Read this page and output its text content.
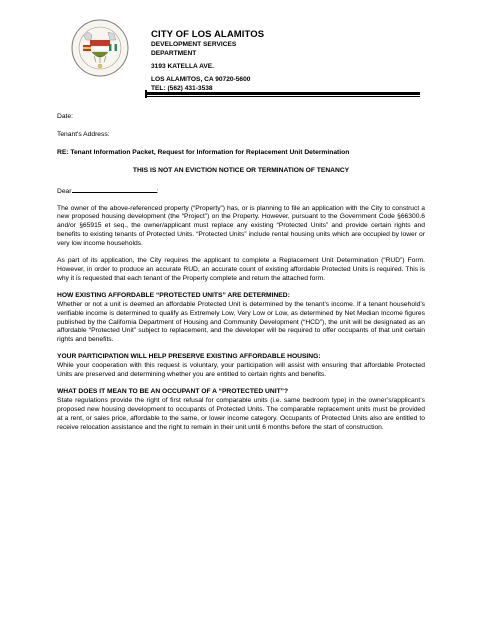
CITY OF LOS ALAMITOS
DEVELOPMENT SERVICES
DEPARTMENT
3193 KATELLA AVE.
LOS ALAMITOS, CA 90720-5600
TEL: (562) 431-3538
Date:
Tenant's Address:
RE: Tenant Information Packet, Request for Information for Replacement Unit Determination
THIS IS NOT AN EVICTION NOTICE OR TERMINATION OF TENANCY
Dear	:

The owner of the above-referenced property (“Property”) has, or is planning to file an application with the City to construct a new proposed housing development (the “Project”) on the Property. However, pursuant to the Government Code §66300.6 and/or §65915 et seq., the owner/applicant must replace any existing “Protected Units” and provide certain rights and benefits to existing tenants of Protected Units. “Protected Units” include rental housing units which are occupied by lower or very low income households.

As part of its application, the City requires the applicant to complete a Replacement Unit Determination (“RUD”) Form. However, in order to produce an accurate RUD, an accurate count of existing affordable Protected Units is required. This is why it is requested that each tenant of the Property complete and return the attached form.

HOW EXISTING AFFORDABLE “PROTECTED UNITS” ARE DETERMINED:

Whether or not a unit is deemed an affordable Protected Unit is determined by the tenant’s income. If a tenant household’s verifiable income is determined to qualify as Extremely Low, Very Low or Low, as determined by Net Median Income figures published by the California Department of Housing and Community Development (“HCD”), the unit will be designated as an affordable “Protected Unit” subject to replacement, and the developer will be required to offer occupants of that unit certain rights and benefits.

YOUR PARTICIPATION WILL HELP PRESERVE EXISTING AFFORDABLE HOUSING:

While your cooperation with this request is voluntary, your participation will assist with ensuring that affordable Protected Units are preserved and determining whether you are entitled to certain rights and benefits.

WHAT DOES IT MEAN TO BE AN OCCUPANT OF A “PROTECTED UNIT”?

State regulations provide the right of first refusal for comparable units (i.e. same bedroom type) in the owner’s/applicant’s proposed new housing development to occupants of Protected Units. The comparable replacement units must be provided at a rent, or sales price, affordable to the same, or lower income category. Occupants of Protected Units also are entitled to receive relocation assistance and the right to remain in their unit until 6 months before the start of construction.
